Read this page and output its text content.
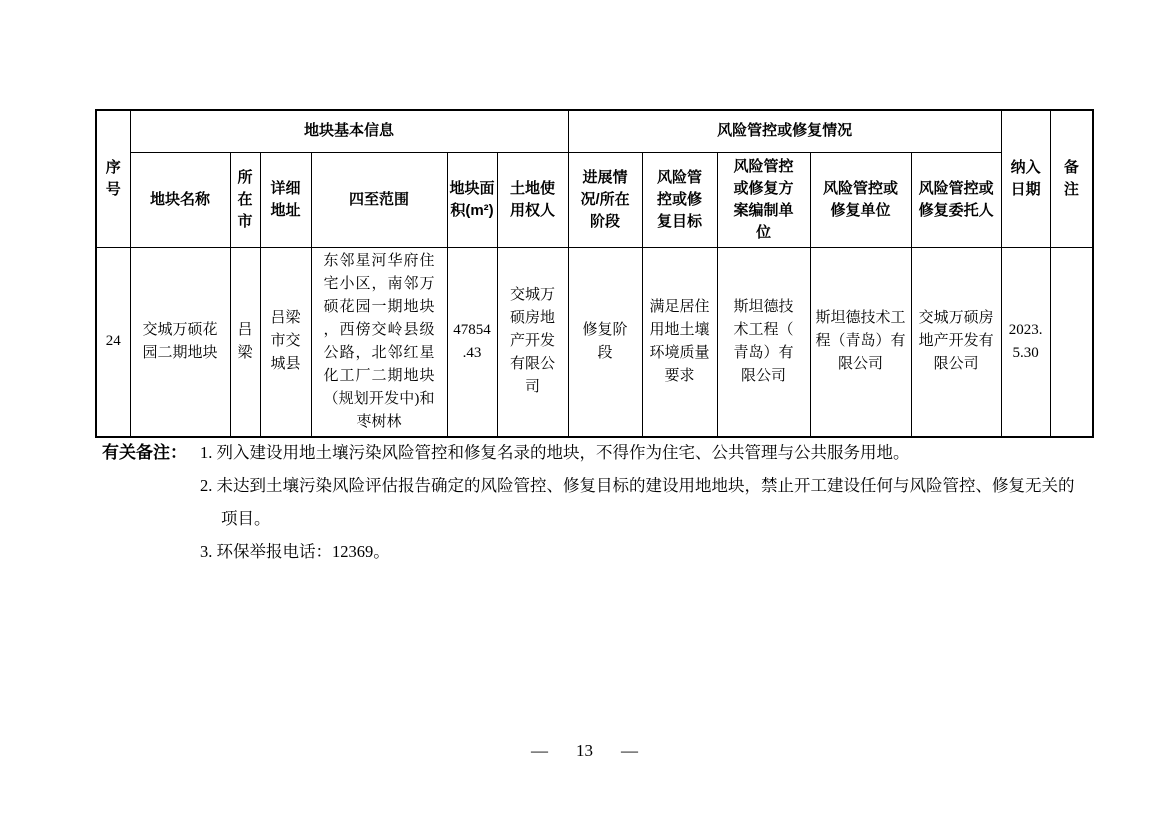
序号	地块基本信息						风险管控或修复情况					纳入日期	备注
	地块名称	所在市	详细地址	四至范围	地块面积(m²)	土地使用权人	进展情况/所在阶段	风险管控或修复目标	风险管控或修复方案编制单位	风险管控或修复单位	风险管控或修复委托人		
24	交城万硕花园二期地块	吕梁	吕梁市交城县	东邻星河华府住宅小区，南邻万硕花园一期地块，西傍交岭县级公路，北邻红星化工厂二期地块（规划开发中)和枣树林	47854.43	交城万硕房地产开发有限公司	修复阶段	满足居住用地土壤环境质量要求	斯坦德技术工程（青岛）有限公司	斯坦德技术工程（青岛）有限公司	交城万硕房地产开发有限公司	2023.5.30	
有关备注： 1. 列入建设用地土壤污染风险管控和修复名录的地块，不得作为住宅、公共管理与公共服务用地。

2. 未达到土壤污染风险评估报告确定的风险管控、修复目标的建设用地地块，禁止开工建设任何与风险管控、修复无关的项目。

3. 环保举报电话：12369。

— 13 —
